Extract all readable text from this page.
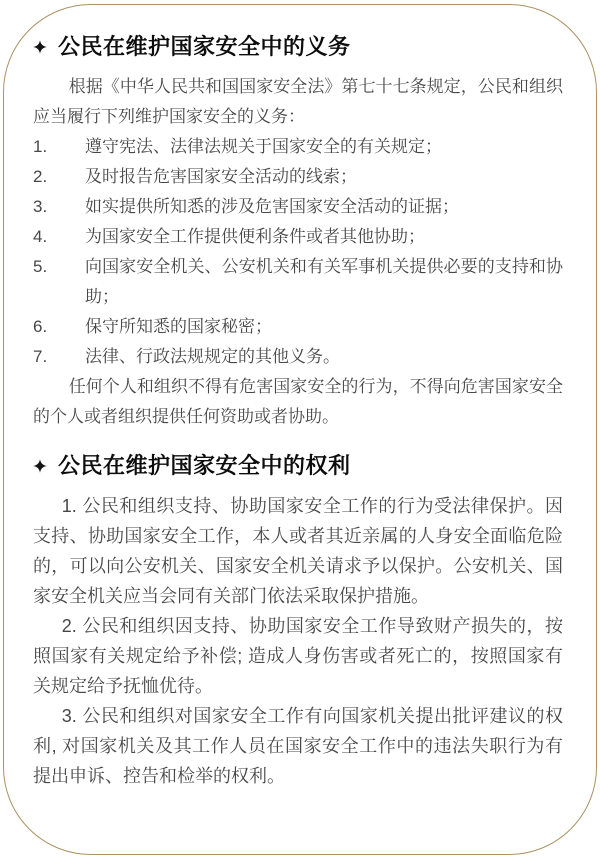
公民在维护国家安全中的义务

根据《中华人民共和国国家安全法》第七十七条规定，公民和组织应当履行下列维护国家安全的义务：

1.	遵守宪法、法律法规关于国家安全的有关规定；
2.	及时报告危害国家安全活动的线索；
3.	如实提供所知悉的涉及危害国家安全活动的证据；
4.	为国家安全工作提供便利条件或者其他协助；
5.	向国家安全机关、公安机关和有关军事机关提供必要的支持和协助；
6.	保守所知悉的国家秘密；
7.	法律、行政法规规定的其他义务。

任何个人和组织不得有危害国家安全的行为，不得向危害国家安全的个人或者组织提供任何资助或者协助。

公民在维护国家安全中的权利

1. 公民和组织支持、协助国家安全工作的行为受法律保护。因支持、协助国家安全工作，本人或者其近亲属的人身安全面临危险的，可以向公安机关、国家安全机关请求予以保护。公安机关、国家安全机关应当会同有关部门依法采取保护措施。

2. 公民和组织因支持、协助国家安全工作导致财产损失的，按照国家有关规定给予补偿; 造成人身伤害或者死亡的，按照国家有关规定给予抚恤优待。

3. 公民和组织对国家安全工作有向国家机关提出批评建议的权利, 对国家机关及其工作人员在国家安全工作中的违法失职行为有提出申诉、控告和检举的权利。
